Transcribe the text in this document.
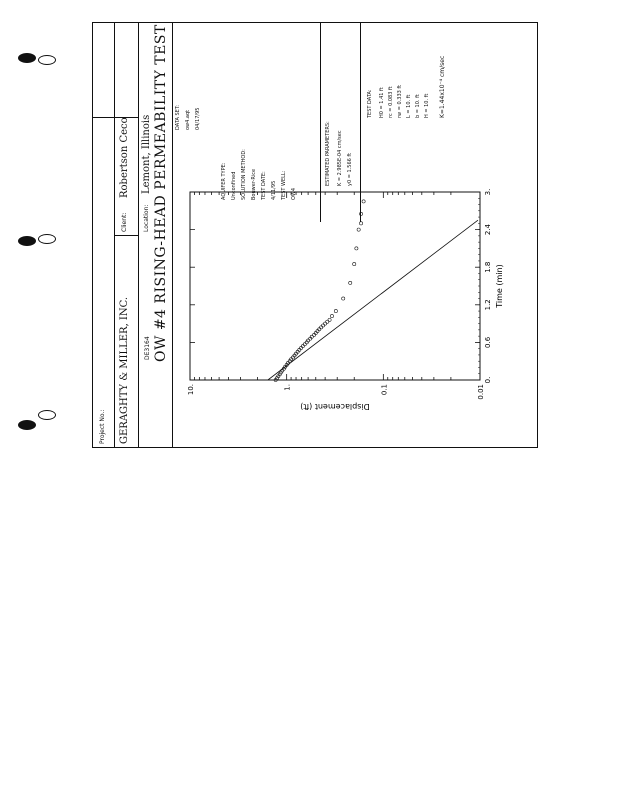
Project No.: GERAGHTY & MILLER, INC.
Client:
Robertson Ceco
DE3164
Location:
Lemont, Illinois OW #4 RISING-HEAD PERMEABILITY TEST DATA SET: ow4.aqt 04/17/95
AQUIFER TYPE: Unconfined SOLUTION METHOD: Bouwer-Rice TEST DATE: 4/11/95 TEST WELL: OW4
ESTIMATED PARAMETERS: K = 2.985E-04 cm/sec y0 = 1.566 ft
TEST DATA: H0 = 1.41 ft rc = 0.083 ft rw = 0.333 ft L = 10. ft b = 10. ft H = 10. ft K=1.44x10⁻⁴ cm/sec
0.01
0.1
1.
10.
0.
0.6
1.2
1.8
2.4
3.
Time (min)
Displacement (ft)
